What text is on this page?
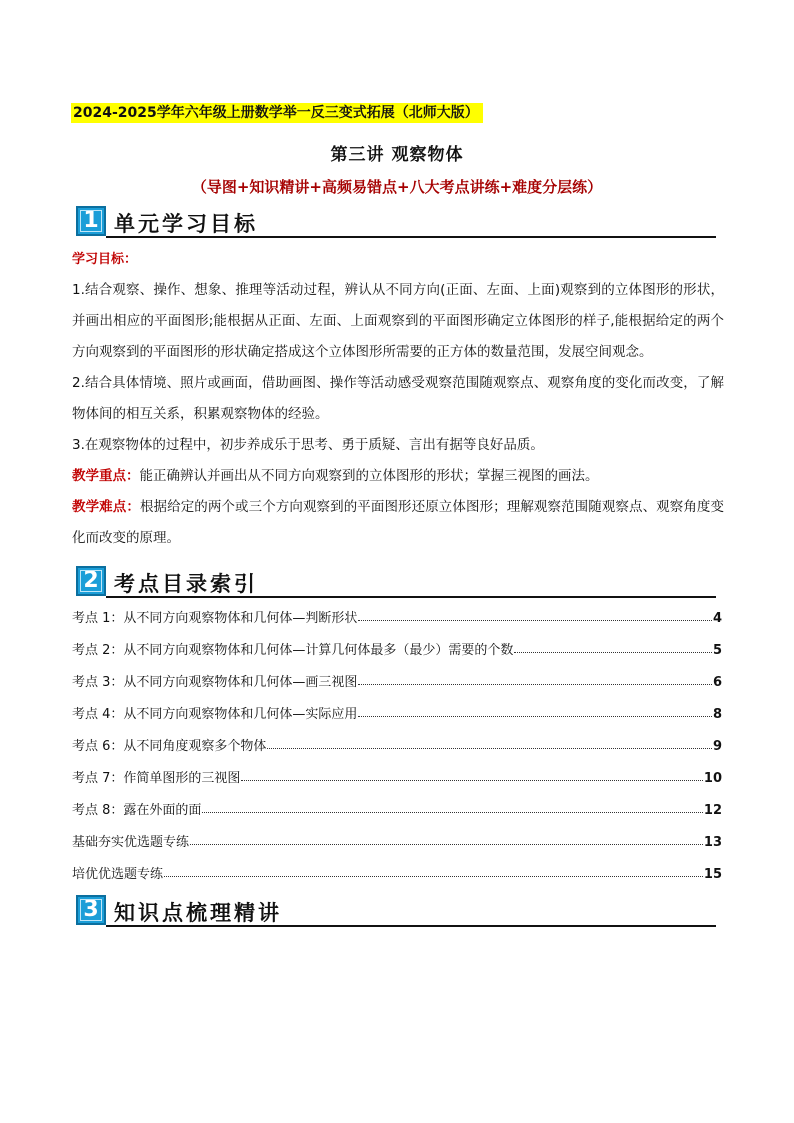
2024-2025学年六年级上册数学举一反三变式拓展（北师大版）
第三讲 观察物体
（导图+知识精讲+高频易错点+八大考点讲练+难度分层练）
1 单元学习目标

学习目标：

1.结合观察、操作、想象、推理等活动过程，辨认从不同方向(正面、左面、上面)观察到的立体图形的形状，并画出相应的平面图形;能根据从正面、左面、上面观察到的平面图形确定立体图形的样子,能根据给定的两个方向观察到的平面图形的形状确定搭成这个立体图形所需要的正方体的数量范围，发展空间观念。

2.结合具体情境、照片或画面，借助画图、操作等活动感受观察范围随观察点、观察角度的变化而改变，了解物体间的相互关系，积累观察物体的经验。

3.在观察物体的过程中，初步养成乐于思考、勇于质疑、言出有据等良好品质。

教学重点：能正确辨认并画出从不同方向观察到的立体图形的形状；掌握三视图的画法。

教学难点：根据给定的两个或三个方向观察到的平面图形还原立体图形；理解观察范围随观察点、观察角度变化而改变的原理。

2 考点目录索引
考点 1：从不同方向观察物体和几何体—判断形状	4
考点 2：从不同方向观察物体和几何体—计算几何体最多（最少）需要的个数	5
考点 3：从不同方向观察物体和几何体—画三视图	6
考点 4：从不同方向观察物体和几何体—实际应用	8
考点 6：从不同角度观察多个物体	9
考点 7：作简单图形的三视图	10
考点 8：露在外面的面	12
基础夯实优选题专练	13
培优优选题专练	15
3 知识点梳理精讲
